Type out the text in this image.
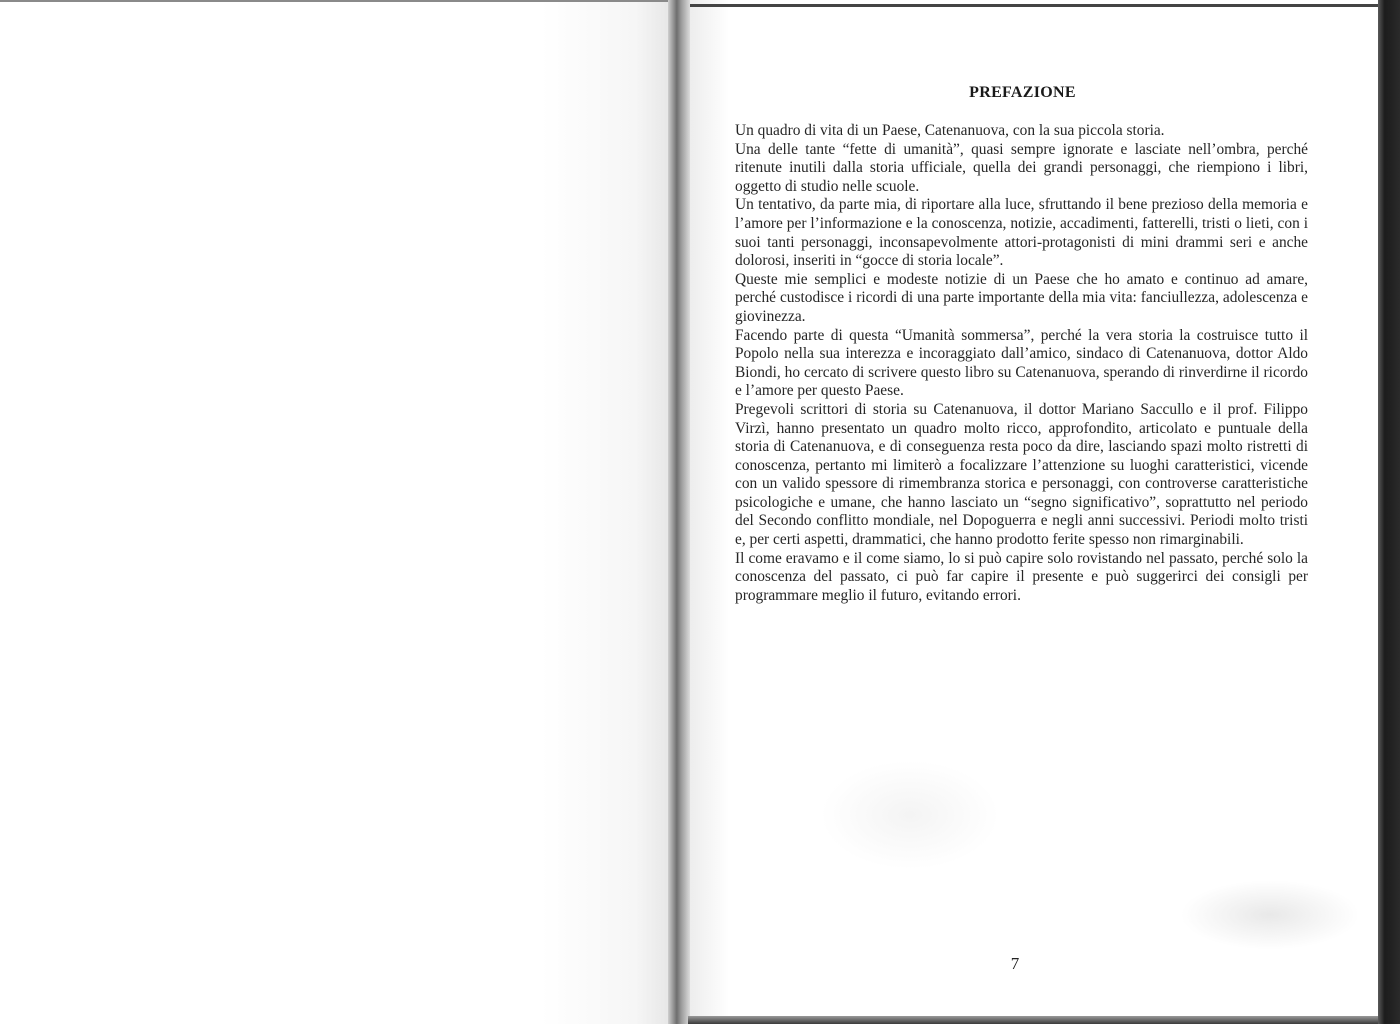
PREFAZIONE

Un quadro di vita di un Paese, Catenanuova, con la sua piccola storia.

Una delle tante “fette di umanità”, quasi sempre ignorate e lasciate nell’ombra, perché ritenute inutili dalla storia ufficiale, quella dei grandi personaggi, che riempiono i libri, oggetto di studio nelle scuole.

Un tentativo, da parte mia, di riportare alla luce, sfruttando il bene prezioso della memoria e l’amore per l’informazione e la conoscenza, notizie, accadimenti, fatterelli, tristi o lieti, con i suoi tanti personaggi, inconsapevolmente attori-protagonisti di mini drammi seri e anche dolorosi, inseriti in “gocce di storia locale”.

Queste mie semplici e modeste notizie di un Paese che ho amato e continuo ad amare, perché custodisce i ricordi di una parte importante della mia vita: fanciullezza, adolescenza e giovinezza.

Facendo parte di questa “Umanità sommersa”, perché la vera storia la costruisce tutto il Popolo nella sua interezza e incoraggiato dall’amico, sindaco di Catenanuova, dottor Aldo Biondi, ho cercato di scrivere questo libro su Catenanuova, sperando di rinverdirne il ricordo e l’amore per questo Paese.

Pregevoli scrittori di storia su Catenanuova, il dottor Mariano Saccullo e il prof. Filippo Virzì, hanno presentato un quadro molto ricco, approfondito, articolato e puntuale della storia di Catenanuova, e di conseguenza resta poco da dire, lasciando spazi molto ristretti di conoscenza, pertanto mi limiterò a focalizzare l’attenzione su luoghi caratteristici, vicende con un valido spessore di rimembranza storica e personaggi, con controverse caratteristiche psicologiche e umane, che hanno lasciato un “segno significativo”, soprattutto nel periodo del Secondo conflitto mondiale, nel Dopoguerra e negli anni successivi. Periodi molto tristi e, per certi aspetti, drammatici, che hanno prodotto ferite spesso non rimarginabili.

Il come eravamo e il come siamo, lo si può capire solo rovistando nel passato, perché solo la conoscenza del passato, ci può far capire il presente e può suggerirci dei consigli per programmare meglio il futuro, evitando errori.

7
